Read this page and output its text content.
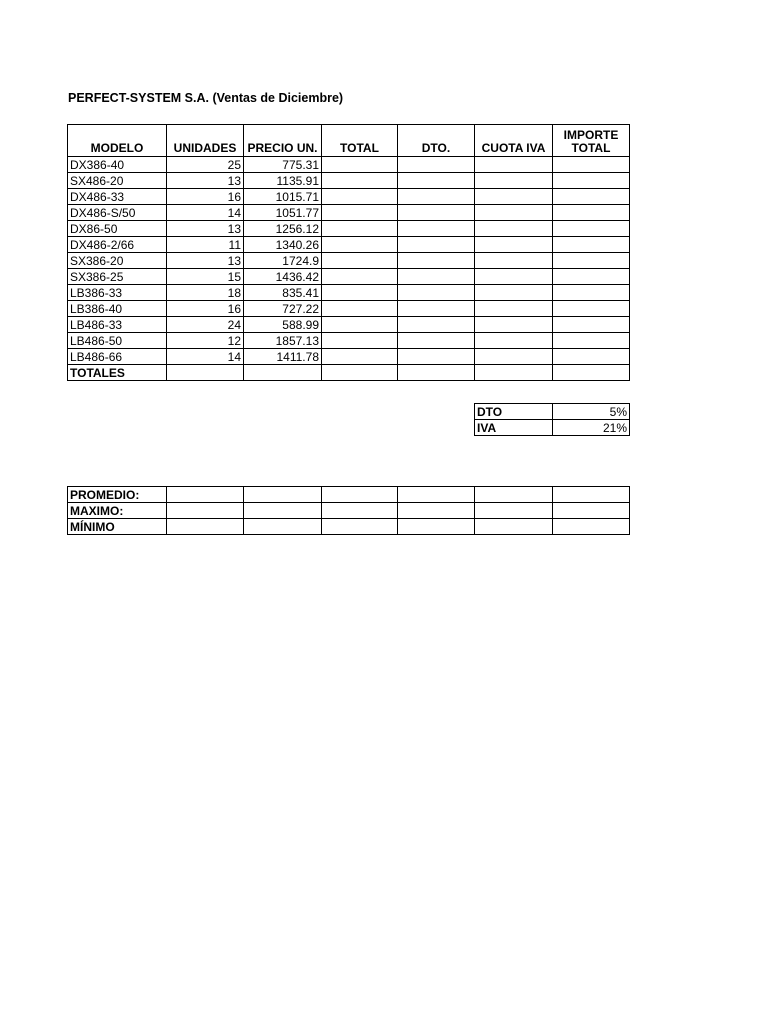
PERFECT-SYSTEM S.A. (Ventas de Diciembre)
MODELO	UNIDADES	PRECIO UN.	TOTAL	DTO.	CUOTA IVA	IMPORTE
TOTAL

DX386-40	25	775.31				
SX486-20	13	1135.91				
DX486-33	16	1015.71				
DX486-S/50	14	1051.77				
DX86-50	13	1256.12				
DX486-2/66	11	1340.26				
SX386-20	13	1724.9				
SX386-25	15	1436.42				
LB386-33	18	835.41				
LB386-40	16	727.22				
LB486-33	24	588.99				
LB486-50	12	1857.13				
LB486-66	14	1411.78				
TOTALES						
DTO	5%
IVA	21%
PROMEDIO:						
MAXIMO:						
MÍNIMO						
